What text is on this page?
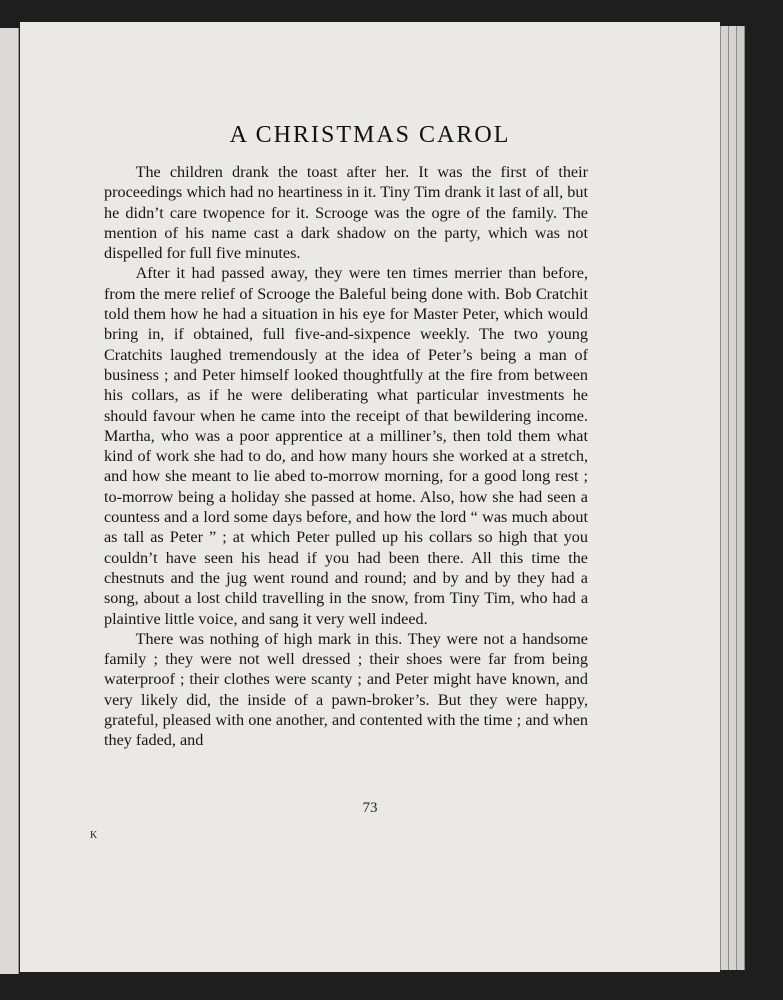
A CHRISTMAS CAROL

The children drank the toast after her. It was the first of their proceedings which had no heartiness in it. Tiny Tim drank it last of all, but he didn’t care twopence for it. Scrooge was the ogre of the family. The mention of his name cast a dark shadow on the party, which was not dispelled for full five minutes.

After it had passed away, they were ten times merrier than before, from the mere relief of Scrooge the Baleful being done with. Bob Cratchit told them how he had a situation in his eye for Master Peter, which would bring in, if obtained, full five-and-sixpence weekly. The two young Cratchits laughed tremendously at the idea of Peter’s being a man of business ; and Peter himself looked thoughtfully at the fire from between his collars, as if he were deliberating what particular investments he should favour when he came into the receipt of that bewildering income. Martha, who was a poor apprentice at a milliner’s, then told them what kind of work she had to do, and how many hours she worked at a stretch, and how she meant to lie abed to-morrow morning, for a good long rest ; to-morrow being a holiday she passed at home. Also, how she had seen a countess and a lord some days before, and how the lord “ was much about as tall as Peter ” ; at which Peter pulled up his collars so high that you couldn’t have seen his head if you had been there. All this time the chestnuts and the jug went round and round; and by and by they had a song, about a lost child travelling in the snow, from Tiny Tim, who had a plaintive little voice, and sang it very well indeed.

There was nothing of high mark in this. They were not a handsome family ; they were not well dressed ; their shoes were far from being waterproof ; their clothes were scanty ; and Peter might have known, and very likely did, the inside of a pawn-broker’s. But they were happy, grateful, pleased with one another, and contented with the time ; and when they faded, and

73
K
